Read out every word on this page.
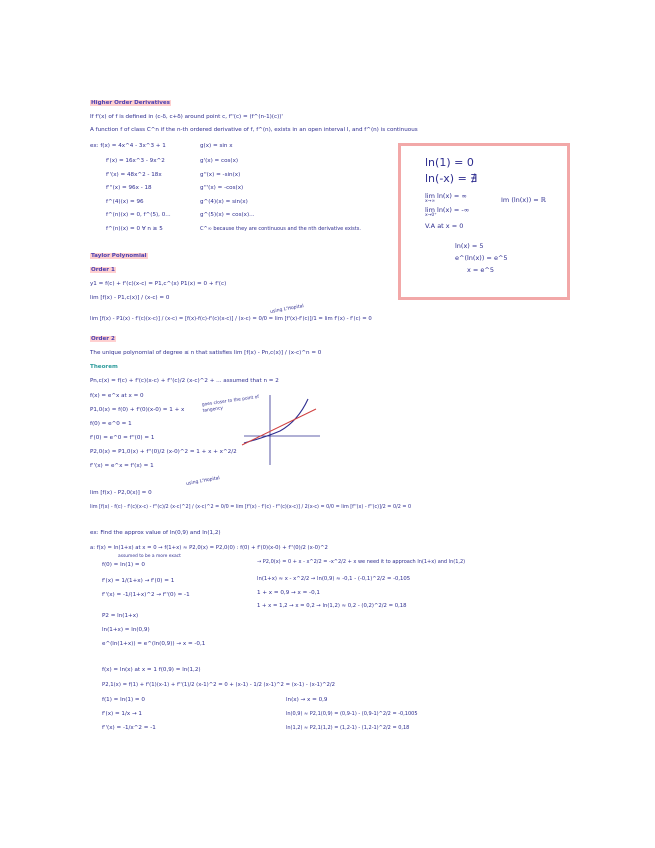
Higher Order Derivatives
If f'(x) of f is defined in (c-δ, c+δ) around point c, f''(c) = (f^(n-1)(c))'
A function f of class C^n if the n-th ordered derivative of f, f^(n), exists in an open interval I, and f^(n) is continuous
ex: f(x) = 4x^4 - 3x^3 + 1
f'(x) = 16x^3 - 9x^2
f''(x) = 48x^2 - 18x
f'''(x) = 96x - 18
f^(4)(x) = 96
f^(n)(x) = 0, f^(5), 0...
f^(n)(x) = 0 ∀ n ≥ 5
g(x) = sin x
g'(x) = cos(x)
g''(x) = -sin(x)
g'''(x) = -cos(x)
g^(4)(x) = sin(x)
g^(5)(x) = cos(x)...
C^∞ because they are continuous and the nth derivative exists.
ln(1) = 0
ln(-x) = ∄
lim ln(x) = ∞
x→∞	Im (ln(x)) = ℝ
lim ln(x) = -∞
x→0⁺
V.A at x = 0
ln(x) = 5
e^(ln(x)) = e^5
x = e^5
Taylor Polynomial
Order 1
y1 = f(c) + f'(c)(x-c) = P1,c^(x) P1(x) = 0 + f'(c)
lim [f(x) - P1,c(x)] / (x-c) = 0
using L'Hopital
lim [f(x) - P1(x) - f'(c)(x-c)] / (x-c) = [f(x)-f(c)-f'(c)(x-c)] / (x-c) = 0/0 = lim [f'(x)-f'(c)]/1 = lim f'(x) - f'(c) = 0
Order 2
The unique polynomial of degree ≤ n that satisfies lim [f(x) - Pn,c(x)] / (x-c)^n = 0
Theorem
Pn,c(x) = f(c) + f'(c)(x-c) + f''(c)/2 (x-c)^2 + ... assumed that n = 2
f(x) = e^x at x = 0
P1,0(x) = f(0) + f'(0)(x-0) = 1 + x
f(0) = e^0 = 1
f'(0) = e^0 = f''(0) = 1
P2,0(x) = P1,0(x) + f''(0)/2 (x-0)^2 = 1 + x + x^2/2
f''(x) = e^x = f'(x) = 1
goes closer to the point of tangency
lim [f(x) - P2,0(x)] = 0
using L'Hopital
lim [f(x) - f(c) - f'(c)(x-c) - f''(c)/2 (x-c)^2] / (x-c)^2 = 0/0 = lim [f'(x) - f'(c) - f''(c)(x-c)] / 2(x-c) = 0/0 = lim [f''(x) - f''(c)]/2 = 0/2 = 0
ex: Find the approx value of ln(0,9) and ln(1,2)
a: f(x) = ln(1+x) at x = 0 → f(1+x) ≈ P2,0(x) = P2,0(0) : f(0) + f'(0)(x-0) + f''(0)/2 (x-0)^2
assumed to be a more exact
f(0) = ln(1) = 0
f'(x) = 1/(1+x) → f'(0) = 1
f''(x) = -1/(1+x)^2 → f''(0) = -1
P2 = ln(1+x)
ln(1+x) = ln(0,9)
e^(ln(1+x)) = e^(ln(0,9)) → x = -0,1
→ P2,0(x) = 0 + x - x^2/2 = -x^2/2 + x we need it to approach ln(1+x) and ln(1,2)
ln(1+x) ≈ x - x^2/2 → ln(0,9) ≈ -0,1 - (-0,1)^2/2 = -0,105
1 + x = 0,9 → x = -0,1
1 + x = 1,2 → x = 0,2 → ln(1,2) ≈ 0,2 - (0,2)^2/2 = 0,18
f(x) = ln(x) at x = 1 f(0,9) = ln(1,2)
P2,1(x) = f(1) + f'(1)(x-1) + f''(1)/2 (x-1)^2 = 0 + (x-1) - 1/2 (x-1)^2 = (x-1) - (x-1)^2/2
f(1) = ln(1) = 0
f'(x) = 1/x → 1
f''(x) = -1/x^2 = -1
ln(x) → x = 0,9
ln(0,9) ≈ P2,1(0,9) = (0,9-1) - (0,9-1)^2/2 = -0,1005
ln(1,2) ≈ P2,1(1,2) = (1,2-1) - (1,2-1)^2/2 = 0,18
